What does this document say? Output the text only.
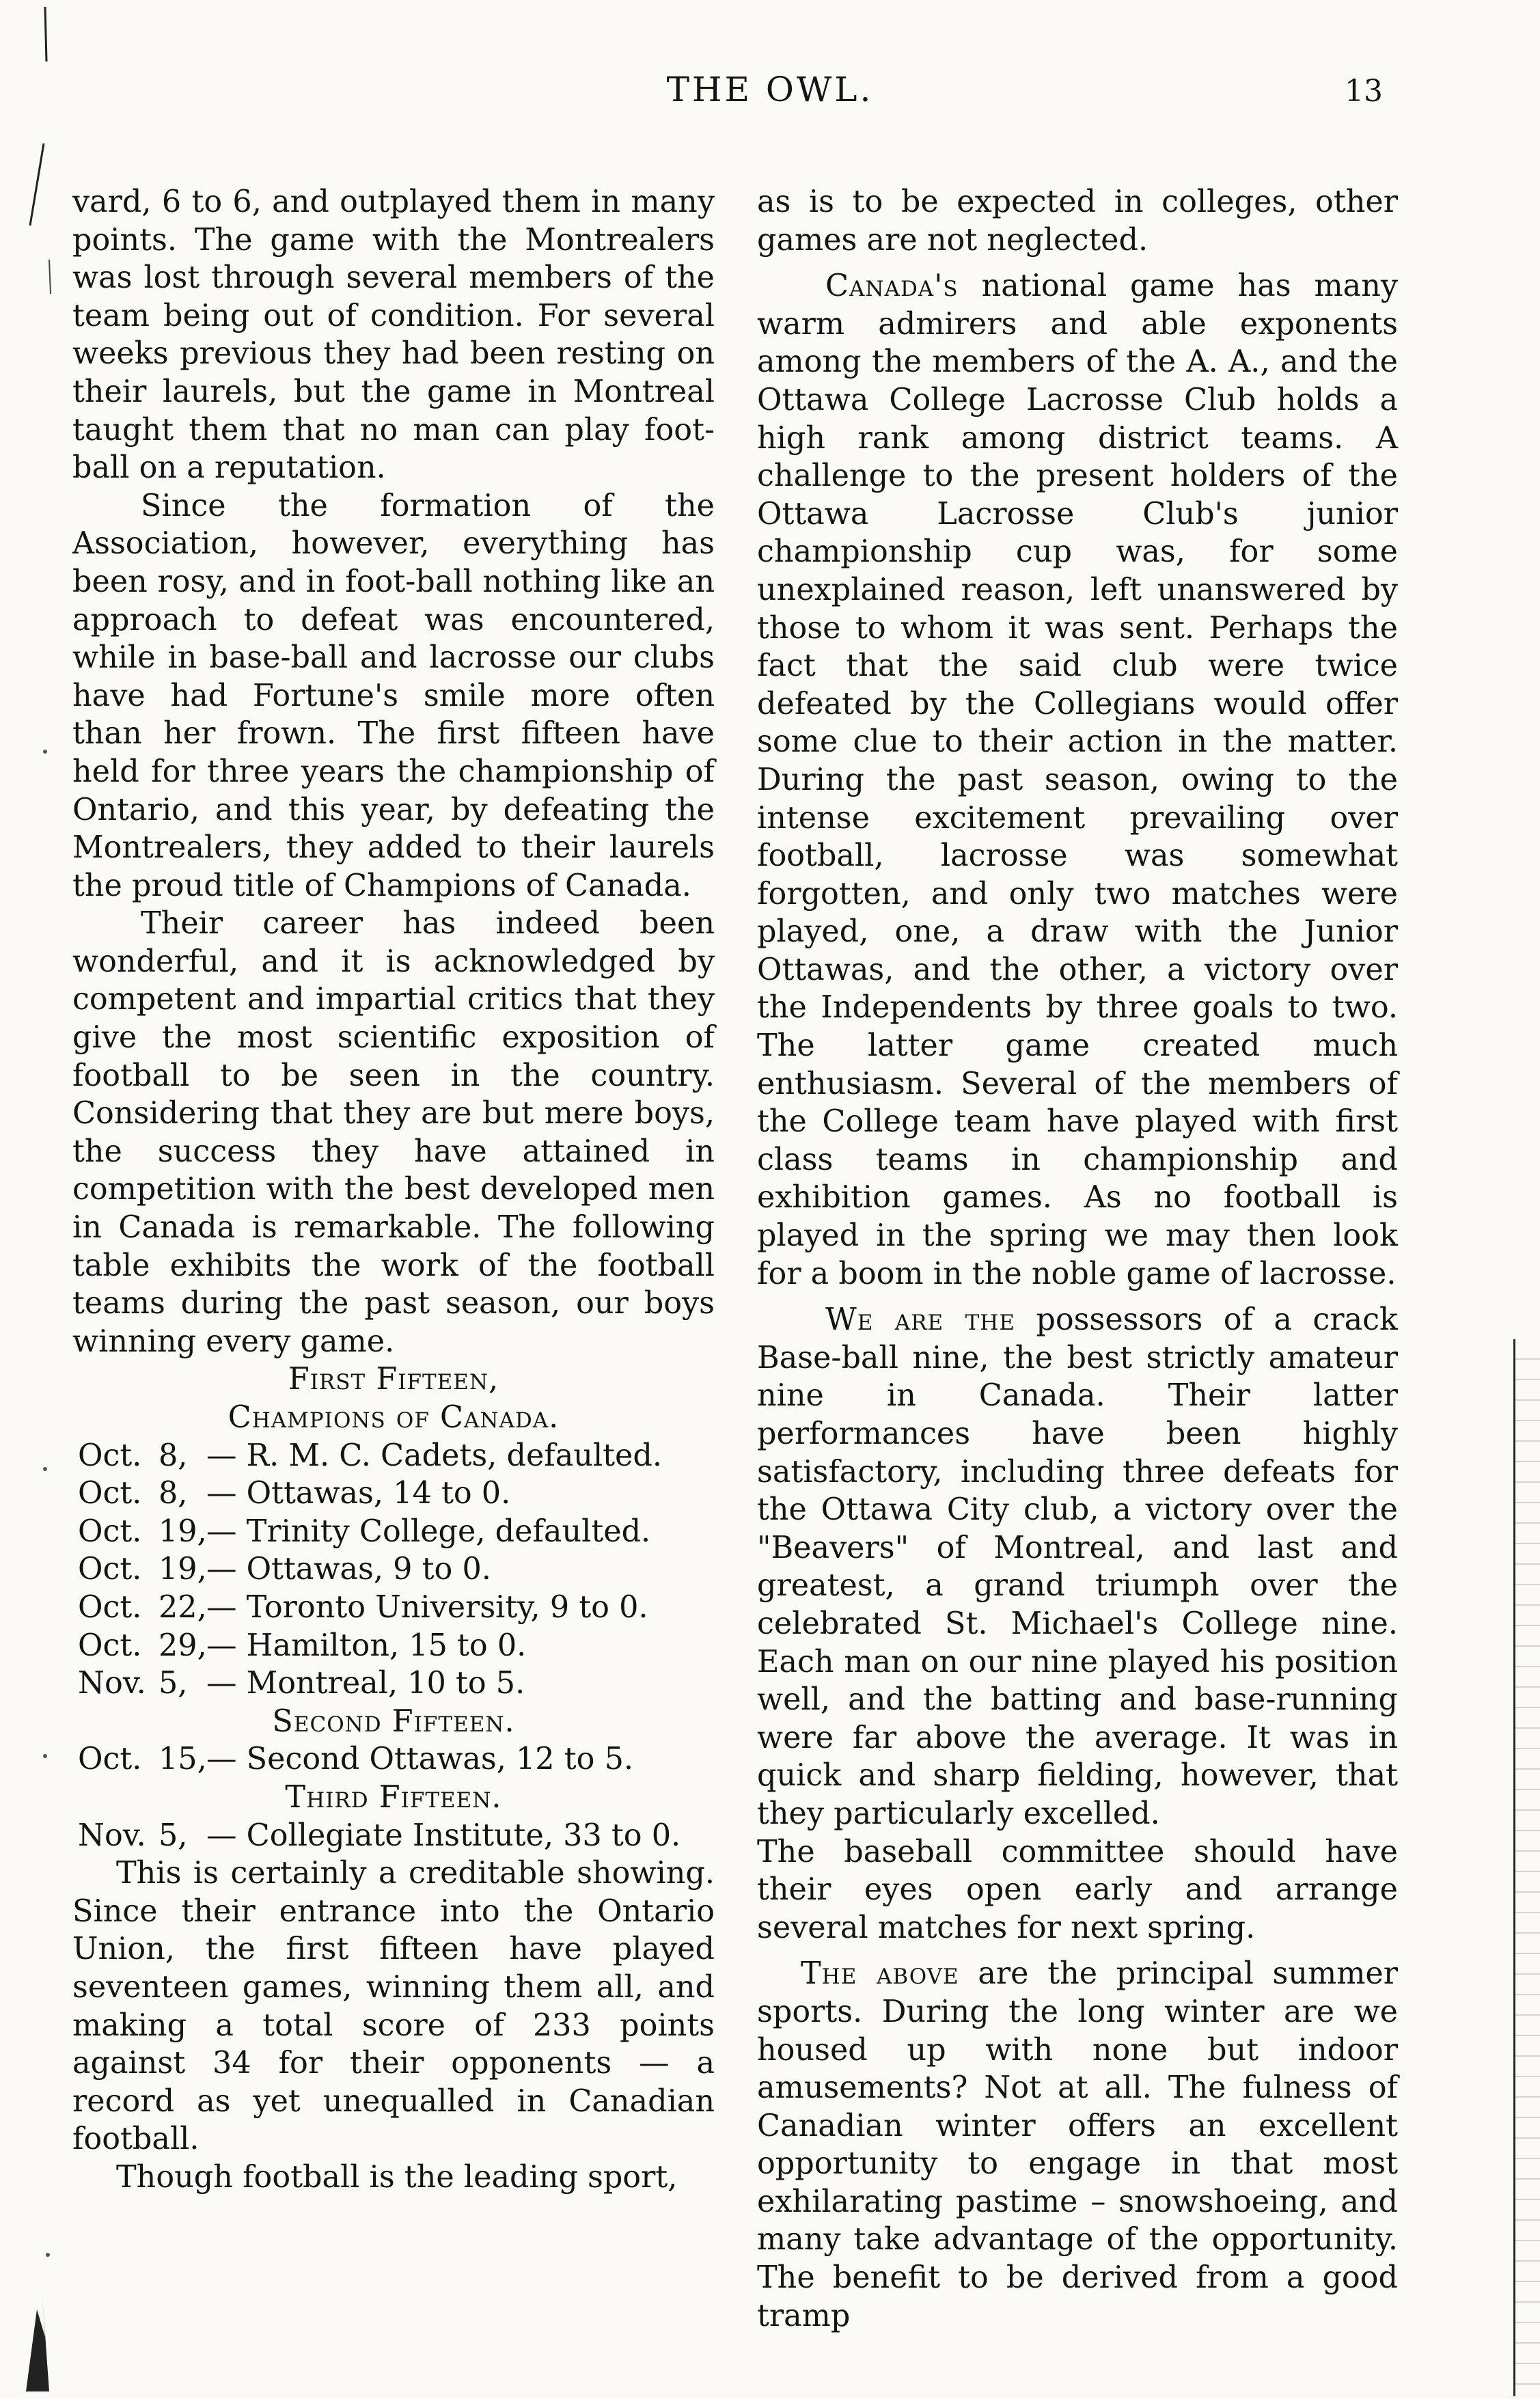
THE OWL.	13

vard, 6 to 6, and outplayed them in many points. The game with the Montrealers was lost through several members of the team being out of condition. For several weeks previous they had been resting on their laurels, but the game in Montreal taught them that no man can play foot-ball on a reputation.

Since the formation of the Association, however, everything has been rosy, and in foot-ball nothing like an approach to defeat was encountered, while in base-ball and lacrosse our clubs have had Fortune's smile more often than her frown. The first fifteen have held for three years the championship of Ontario, and this year, by defeating the Montrealers, they added to their laurels the proud title of Champions of Canada.

Their career has indeed been wonderful, and it is acknowledged by competent and impartial critics that they give the most scientific exposition of football to be seen in the country. Considering that they are but mere boys, the success they have attained in competition with the best developed men in Canada is remarkable. The following table exhibits the work of the football teams during the past season, our boys winning every game.

First Fifteen,

Champions of Canada.

Oct. 8, — R. M. C. Cadets, defaulted.
Oct. 8, — Ottawas, 14 to 0.
Oct. 19,— Trinity College, defaulted.
Oct. 19,— Ottawas, 9 to 0.
Oct. 22,— Toronto University, 9 to 0.
Oct. 29,— Hamilton, 15 to 0.
Nov. 5, — Montreal, 10 to 5.

Second Fifteen.

Oct. 15,— Second Ottawas, 12 to 5.

Third Fifteen.

Nov. 5, — Collegiate Institute, 33 to 0.

This is certainly a creditable showing. Since their entrance into the Ontario Union, the first fifteen have played seventeen games, winning them all, and making a total score of 233 points against 34 for their opponents — a record as yet unequalled in Canadian football.

Though football is the leading sport,

as is to be expected in colleges, other games are not neglected.

Canada's national game has many warm admirers and able exponents among the members of the A. A., and the Ottawa College Lacrosse Club holds a high rank among district teams. A challenge to the present holders of the Ottawa Lacrosse Club's junior championship cup was, for some unexplained reason, left unanswered by those to whom it was sent. Perhaps the fact that the said club were twice defeated by the Collegians would offer some clue to their action in the matter. During the past season, owing to the intense excitement prevailing over football, lacrosse was somewhat forgotten, and only two matches were played, one, a draw with the Junior Ottawas, and the other, a victory over the Independents by three goals to two. The latter game created much enthusiasm. Several of the members of the College team have played with first class teams in championship and exhibition games. As no football is played in the spring we may then look for a boom in the noble game of lacrosse.

We are the possessors of a crack Base-ball nine, the best strictly amateur nine in Canada. Their latter performances have been highly satisfactory, including three defeats for the Ottawa City club, a victory over the "Beavers" of Montreal, and last and greatest, a grand triumph over the celebrated St. Michael's College nine. Each man on our nine played his position well, and the batting and base-running were far above the average. It was in quick and sharp fielding, however, that they particularly excelled.

The baseball committee should have their eyes open early and arrange several matches for next spring.

The above are the principal summer sports. During the long winter are we housed up with none but indoor amusements? Not at all. The fulness of Canadian winter offers an excellent opportunity to engage in that most exhilarating pastime – snowshoeing, and many take advantage of the opportunity. The benefit to be derived from a good tramp
